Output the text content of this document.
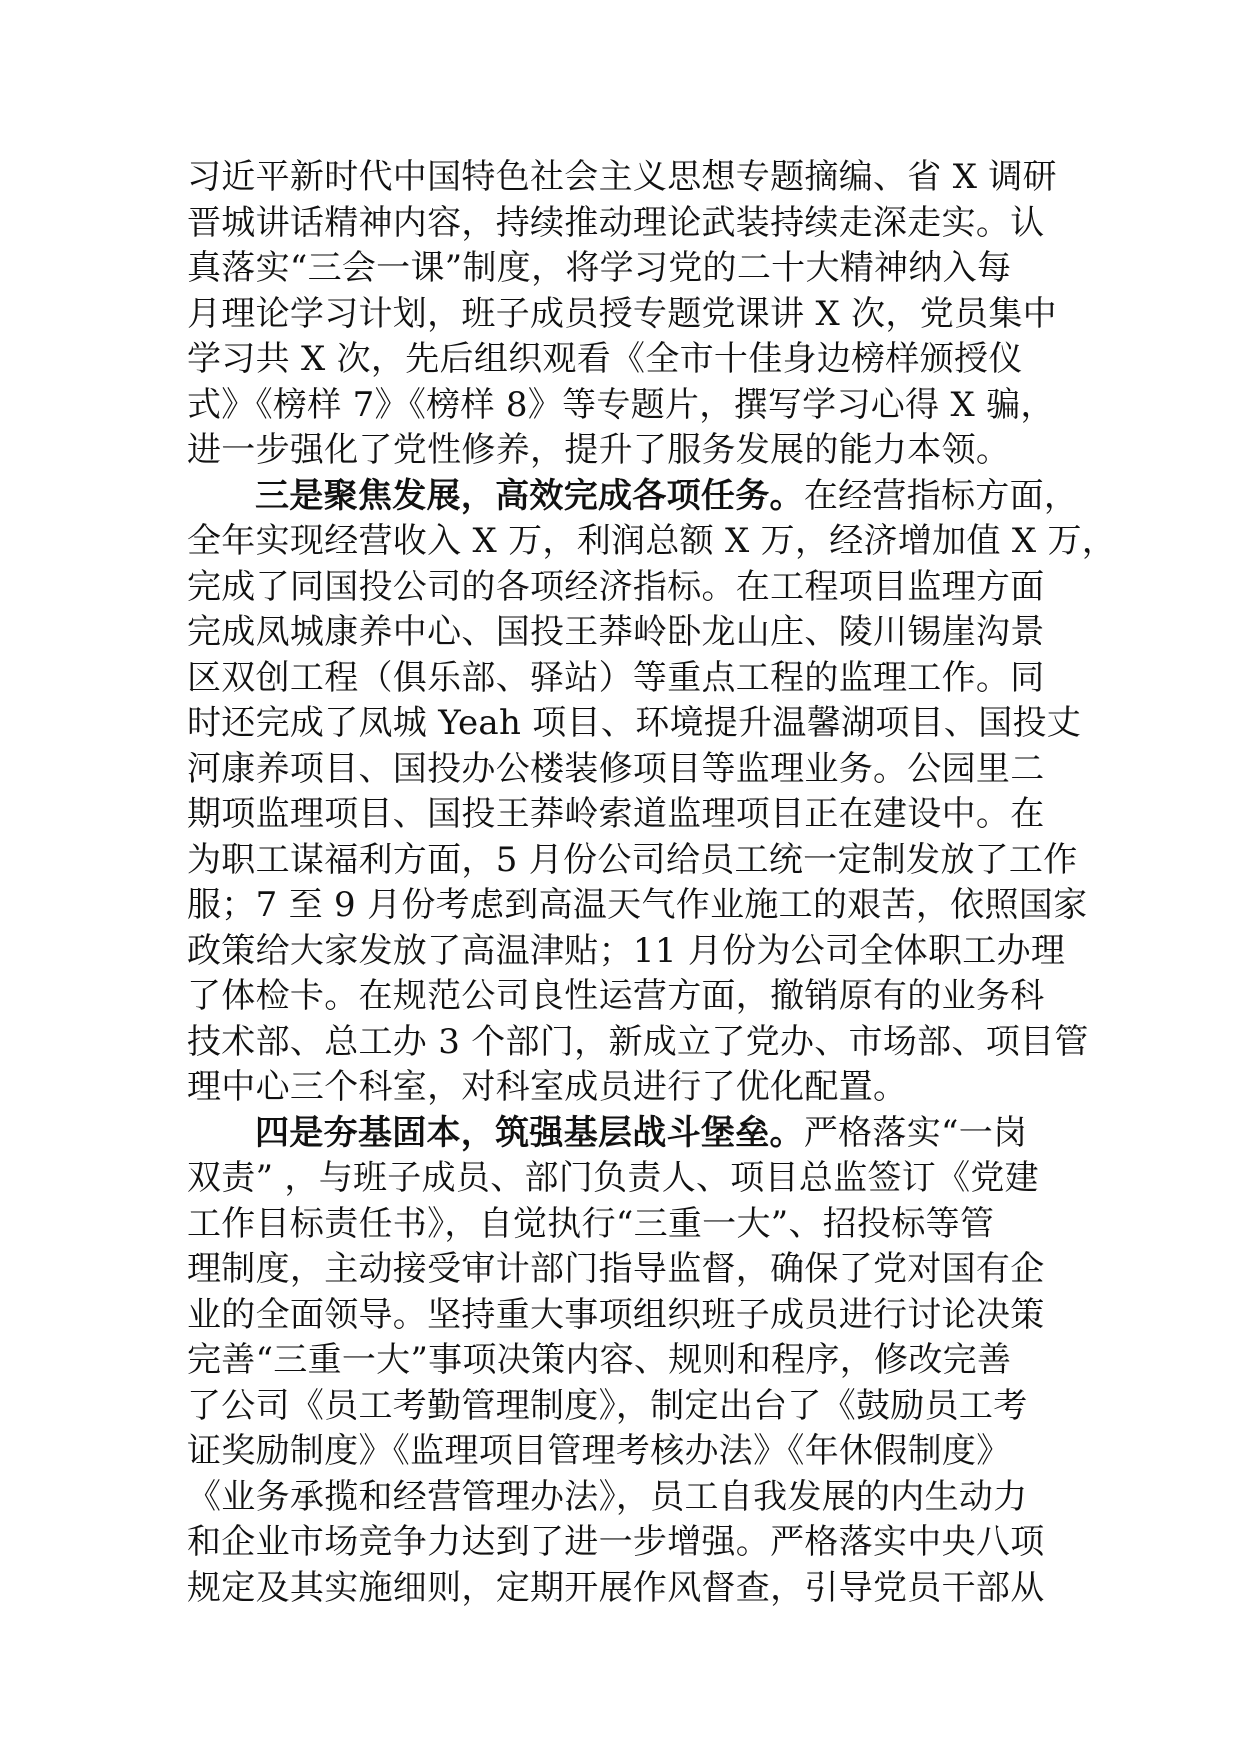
习近平新时代中国特色社会主义思想专题摘编、省 X 调研
晋城讲话精神内容，持续推动理论武装持续走深走实。认
真落实“三会一课”制度，将学习党的二十大精神纳入每
月理论学习计划，班子成员授专题党课讲 X 次，党员集中
学习共 X 次，先后组织观看《全市十佳身边榜样颁授仪
式》《榜样 7》《榜样 8》等专题片，撰写学习心得 X 骗，
进一步强化了党性修养，提升了服务发展的能力本领。
三是聚焦发展，高效完成各项任务。在经营指标方面，
全年实现经营收入 X 万，利润总额 X 万，经济增加值 X 万，
完成了同国投公司的各项经济指标。在工程项目监理方面
完成凤城康养中心、国投王莽岭卧龙山庄、陵川锡崖沟景
区双创工程（俱乐部、驿站）等重点工程的监理工作。同
时还完成了凤城 Yeah 项目、环境提升温馨湖项目、国投丈
河康养项目、国投办公楼装修项目等监理业务。公园里二
期项监理项目、国投王莽岭索道监理项目正在建设中。在
为职工谋福利方面，5 月份公司给员工统一定制发放了工作
服；7 至 9 月份考虑到高温天气作业施工的艰苦，依照国家
政策给大家发放了高温津贴；11 月份为公司全体职工办理
了体检卡。在规范公司良性运营方面，撤销原有的业务科
技术部、总工办 3 个部门，新成立了党办、市场部、项目管
理中心三个科室，对科室成员进行了优化配置。
四是夯基固本，筑强基层战斗堡垒。严格落实“一岗
双责” ，与班子成员、部门负责人、项目总监签订《党建
工作目标责任书》，自觉执行“三重一大”、招投标等管
理制度，主动接受审计部门指导监督，确保了党对国有企
业的全面领导。坚持重大事项组织班子成员进行讨论决策
完善“三重一大”事项决策内容、规则和程序，修改完善
了公司《员工考勤管理制度》，制定出台了《鼓励员工考
证奖励制度》《监理项目管理考核办法》《年休假制度》
《业务承揽和经营管理办法》，员工自我发展的内生动力
和企业市场竞争力达到了进一步增强。严格落实中央八项
规定及其实施细则，定期开展作风督查，引导党员干部从
